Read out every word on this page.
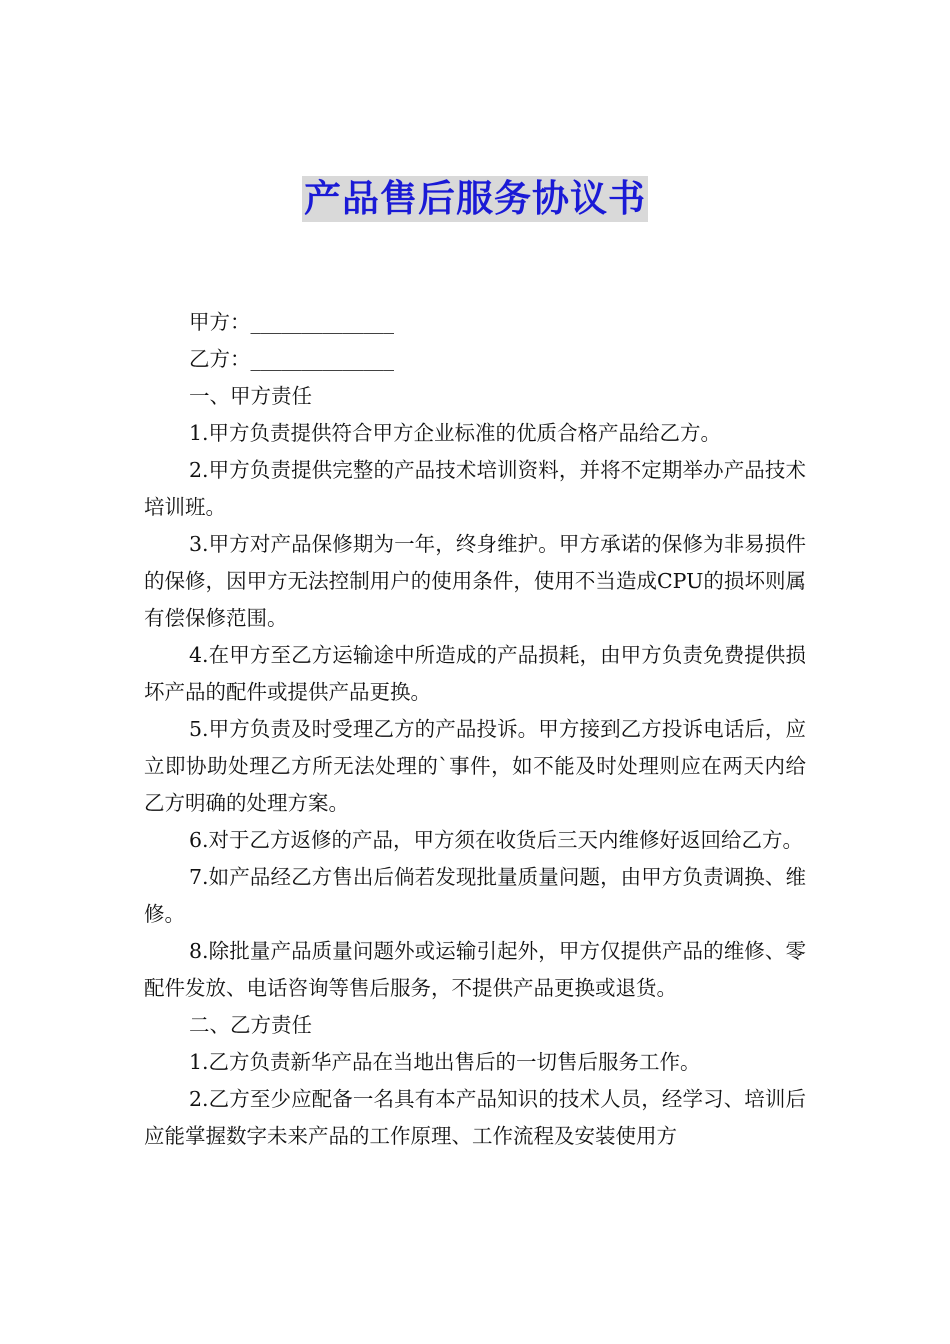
产品售后服务协议书

甲方：______________

乙方：______________

一、甲方责任

1.甲方负责提供符合甲方企业标准的优质合格产品给乙方。

2.甲方负责提供完整的产品技术培训资料，并将不定期举办产品技术培训班。

3.甲方对产品保修期为一年，终身维护。甲方承诺的保修为非易损件的保修，因甲方无法控制用户的使用条件，使用不当造成CPU的损坏则属有偿保修范围。

4.在甲方至乙方运输途中所造成的产品损耗，由甲方负责免费提供损坏产品的配件或提供产品更换。

5.甲方负责及时受理乙方的产品投诉。甲方接到乙方投诉电话后，应立即协助处理乙方所无法处理的`事件，如不能及时处理则应在两天内给乙方明确的处理方案。

6.对于乙方返修的产品，甲方须在收货后三天内维修好返回给乙方。

7.如产品经乙方售出后倘若发现批量质量问题，由甲方负责调换、维修。

8.除批量产品质量问题外或运输引起外，甲方仅提供产品的维修、零配件发放、电话咨询等售后服务，不提供产品更换或退货。

二、乙方责任

1.乙方负责新华产品在当地出售后的一切售后服务工作。

2.乙方至少应配备一名具有本产品知识的技术人员，经学习、培训后应能掌握数字未来产品的工作原理、工作流程及安装使用方
